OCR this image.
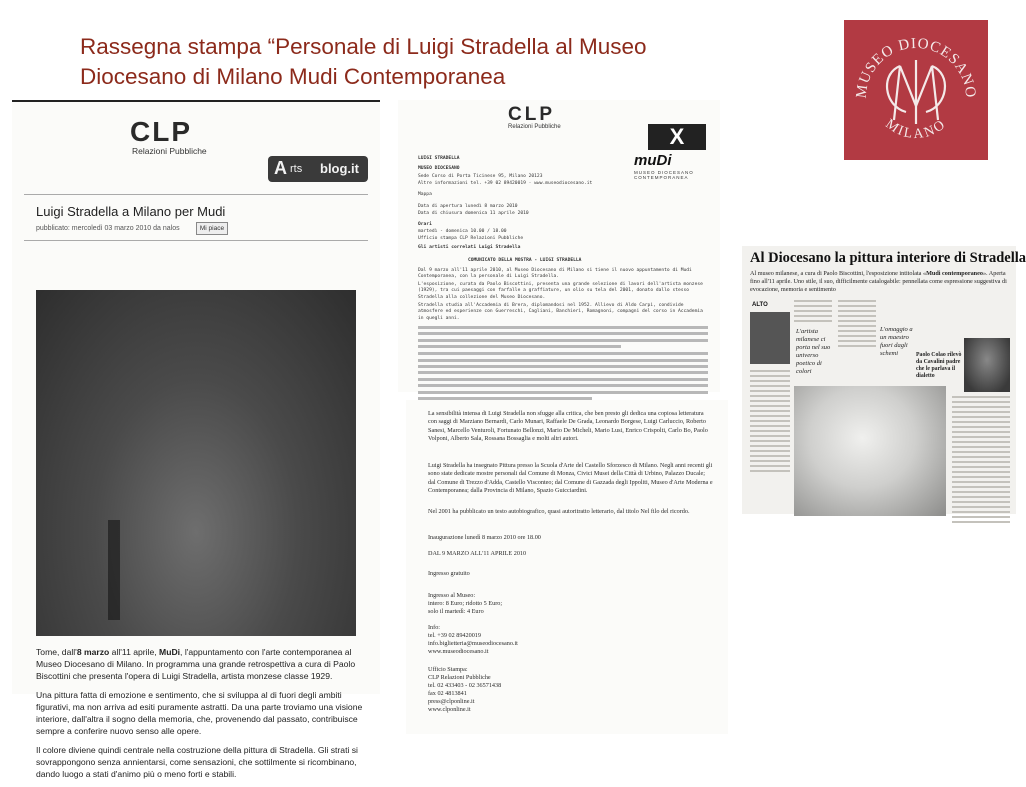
Rassegna stampa “Personale di Luigi Stradella al Museo
Diocesano di Milano Mudi Contemporanea
MUSEO DIOCESANO
MILANO
CLP
Relazioni Pubbliche
A rts blog.it
Luigi Stradella a Milano per Mudi
pubblicato: mercoledì 03 marzo 2010 da nalos	Mi piace

Tome, dall'8 marzo all'11 aprile, MuDi, l'appuntamento con l'arte contemporanea al Museo Diocesano di Milano. In programma una grande retrospettiva a cura di Paolo Biscottini che presenta l'opera di Luigi Stradella, artista monzese classe 1929.

Una pittura fatta di emozione e sentimento, che si sviluppa al di fuori degli ambiti figurativi, ma non arriva ad esiti puramente astratti. Da una parte troviamo una visione interiore, dall'altra il sogno della memoria, che, provenendo dal passato, contribuisce sempre a conferire nuovo senso alle opere.

Il colore diviene quindi centrale nella costruzione della pittura di Stradella. Gli strati si sovrappongono senza annientarsi, come sensazioni, che sottilmente si ricombinano, dando luogo a stati d'animo più o meno forti e stabili.

CLP
Relazioni Pubbliche	X
muDi
MUSEO DIOCESANO CONTEMPORANEA
LUIGI STRADELLA
MUSEO DIOCESANO
Sede Corso di Porta Ticinese 95, Milano 20123
Altre informazioni tel. +39 02 89420019 · www.museodiocesano.it
Mappa
Data di apertura lunedì 8 marzo 2010
Data di chiusura domenica 11 aprile 2010
Orari
martedì - domenica 10.00 / 18.00
Ufficio stampa CLP Relazioni Pubbliche
Gli artisti correlati Luigi Stradella
COMUNICATO DELLA MOSTRA - LUIGI STRADELLA
Dal 9 marzo all'11 aprile 2010, al Museo Diocesano di Milano si tiene il nuovo appuntamento di Mudi Contemporanea, con la personale di Luigi Stradella.
L'esposizione, curata da Paolo Biscottini, presenta una grande selezione di lavori dell'artista monzese (1929), tra cui paesaggi con farfalle a graffiature, un olio su tela del 2001, donato dallo stesso Stradella alla collezione del Museo Diocesano.
Stradella studia all'Accademia di Brera, diplomandosi nel 1952. Allievo di Aldo Carpi, condivide atmosfere ed esperienze con Guerreschi, Cagliani, Banchieri, Romagnoni, compagni del corso in Accademia in quegli anni.
Al Diocesano la pittura interiore di Stradella
Al museo milanese, a cura di Paolo Biscottini, l'esposizione intitolata «Mudi contemporaneo». Aperta fino all'11 aprile. Uno stile, il suo, difficilmente catalogabile: pennellata come espressione suggestiva di evocazione, memoria e sentimento
ALTO
L'artista milanese ci porta nel suo universo poetico di colori
L'omaggio a un maestro fuori dagli schemi	Paolo Colao rilevò da Cavalini padre che le parlava il dialetto
La sensibilità intensa di Luigi Stradella non sfugge alla critica, che ben presto gli dedica una copiosa letteratura con saggi di Marziano Bernardi, Carlo Munari, Raffaele De Grada, Leonardo Borgese, Luigi Carluccio, Roberto Sanesi, Marcello Venturoli, Fortunato Bellonzi, Mario De Micheli, Mario Lusi, Enrico Crispolti, Carlo Bo, Paolo Volponi, Alberto Sala, Rossana Bossaglia e molti altri autori.
Luigi Stradella ha insegnato Pittura presso la Scuola d'Arte del Castello Sforzesco di Milano. Negli anni recenti gli sono state dedicate mostre personali dal Comune di Monza, Civici Musei della Città di Urbino, Palazzo Ducale; dal Comune di Trezzo d'Adda, Castello Visconteo; dal Comune di Gazzada degli Ippoliti, Museo d'Arte Moderna e Contemporanea; dalla Provincia di Milano, Spazio Guicciardini.
Nel 2001 ha pubblicato un testo autobiografico, quasi autoritratto letterario, dal titolo Nel filo del ricordo.
Inaugurazione lunedì 8 marzo 2010 ore 18.00
DAL 9 MARZO ALL'11 APRILE 2010
Ingresso gratuito
Ingresso al Museo:
intero: 8 Euro; ridotto 5 Euro;
solo il martedì: 4 Euro
Info:
tel. +39 02 89420019
info.biglietteria@museodiocesano.it
www.museodiocesano.it
Ufficio Stampa:
CLP Relazioni Pubbliche
tel. 02 433403 - 02 36571438
fax 02 4813841
press@clponline.it
www.clponline.it
